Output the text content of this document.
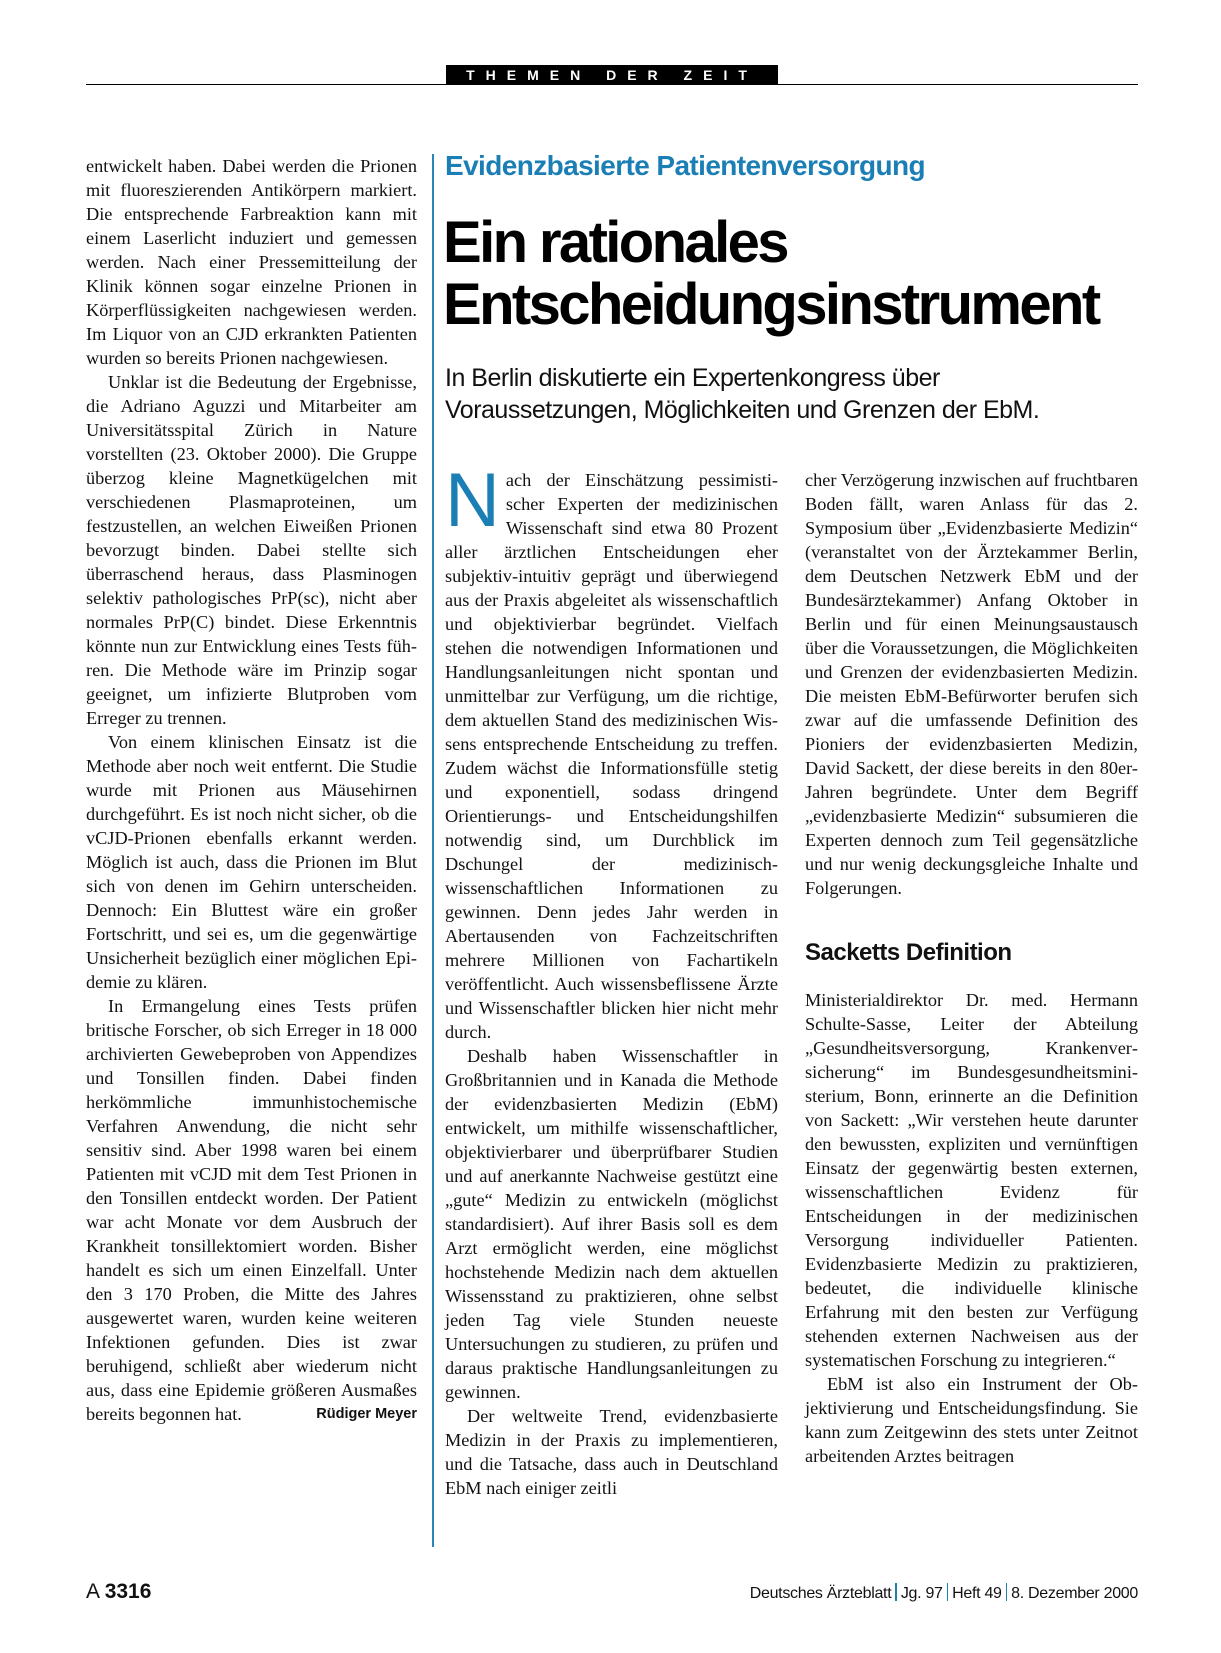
THEMEN DER ZEIT

entwickelt haben. Dabei werden die Prionen mit fluoreszierenden Antikörpern markiert. Die entsprechende Farbreaktion kann mit einem Laserlicht induziert und gemessen werden. Nach einer Pressemitteilung der Klinik können sogar einzelne Prionen in Körperflüssigkeiten nachgewiesen werden. Im Liquor von an CJD erkrankten Patienten wurden so bereits Prionen nachgewiesen.

Unklar ist die Bedeutung der Ergebnisse, die Adriano Aguzzi und Mitarbeiter am Universitätsspital Zürich in Nature vorstellten (23. Oktober 2000). Die Gruppe überzog kleine Magnetkügelchen mit verschiedenen Plasmaproteinen, um festzustellen, an welchen Eiweißen Prionen bevorzugt binden. Dabei stellte sich überraschend heraus, dass Plasminogen selektiv pathologisches PrP(sc), nicht aber normales PrP(C) bindet. Diese Erkenntnis könnte nun zur Entwicklung eines Tests führen. Die Methode wäre im Prinzip sogar geeignet, um infizierte Blutproben vom Erreger zu trennen.

Von einem klinischen Einsatz ist die Methode aber noch weit entfernt. Die Studie wurde mit Prionen aus Mäusehirnen durchgeführt. Es ist noch nicht sicher, ob die vCJD-Prionen ebenfalls erkannt werden. Möglich ist auch, dass die Prionen im Blut sich von denen im Gehirn unterscheiden. Dennoch: Ein Bluttest wäre ein großer Fortschritt, und sei es, um die gegenwärtige Unsicherheit bezüglich einer möglichen Epidemie zu klären.

In Ermangelung eines Tests prüfen britische Forscher, ob sich Erreger in 18 000 archivierten Gewebeproben von Appendizes und Tonsillen finden. Dabei finden herkömmliche immunhistochemische Verfahren Anwendung, die nicht sehr sensitiv sind. Aber 1998 waren bei einem Patienten mit vCJD mit dem Test Prionen in den Tonsillen entdeckt worden. Der Patient war acht Monate vor dem Ausbruch der Krankheit tonsillektomiert worden. Bisher handelt es sich um einen Einzelfall. Unter den 3 170 Proben, die Mitte des Jahres ausgewertet waren, wurden keine weiteren Infektionen gefunden. Dies ist zwar beruhigend, schließt aber wiederum nicht aus, dass eine Epidemie größeren Ausmaßes bereits begonnen hat.	Rüdiger Meyer

Evidenzbasierte Patientenversorgung
Ein rationales
Entscheidungsinstrument
In Berlin diskutierte ein Expertenkongress über
Voraussetzungen, Möglichkeiten und Grenzen der EbM.

Nach der Einschätzung pessimistischer Experten der medizinischen Wissenschaft sind etwa 80 Prozent aller ärztlichen Entscheidungen eher subjektiv-intuitiv geprägt und überwiegend aus der Praxis abgeleitet als wissenschaftlich und objektivierbar begründet. Vielfach stehen die notwendigen Informationen und Handlungsanleitungen nicht spontan und unmittelbar zur Verfügung, um die richtige, dem aktuellen Stand des medizinischen Wissens entsprechende Entscheidung zu treffen. Zudem wächst die Informationsfülle stetig und exponentiell, sodass dringend Orientierungs- und Entscheidungshilfen notwendig sind, um Durchblick im Dschungel der medizinisch-wissenschaftlichen Informationen zu gewinnen. Denn jedes Jahr werden in Abertausenden von Fachzeitschriften mehrere Millionen von Fachartikeln veröffentlicht. Auch wissensbeflissene Ärzte und Wissenschaftler blicken hier nicht mehr durch.

Deshalb haben Wissenschaftler in Großbritannien und in Kanada die Methode der evidenzbasierten Medizin (EbM) entwickelt, um mithilfe wissenschaftlicher, objektivierbarer und überprüfbarer Studien und auf anerkannte Nachweise gestützt eine „gute“ Medizin zu entwickeln (möglichst standardisiert). Auf ihrer Basis soll es dem Arzt ermöglicht werden, eine möglichst hochstehende Medizin nach dem aktuellen Wissensstand zu praktizieren, ohne selbst jeden Tag viele Stunden neueste Untersuchungen zu studieren, zu prüfen und daraus praktische Handlungsanleitungen zu gewinnen.

Der weltweite Trend, evidenzbasierte Medizin in der Praxis zu implementieren, und die Tatsache, dass auch in Deutschland EbM nach einiger zeitli

cher Verzögerung inzwischen auf fruchtbaren Boden fällt, waren Anlass für das 2. Symposium über „Evidenzbasierte Medizin“ (veranstaltet von der Ärztekammer Berlin, dem Deutschen Netzwerk EbM und der Bundesärztekammer) Anfang Oktober in Berlin und für einen Meinungsaustausch über die Voraussetzungen, die Möglichkeiten und Grenzen der evidenzbasierten Medizin. Die meisten EbM-Befürworter berufen sich zwar auf die umfassende Definition des Pioniers der evidenzbasierten Medizin, David Sackett, der diese bereits in den 80er-Jahren begründete. Unter dem Begriff „evidenzbasierte Medizin“ subsumieren die Experten dennoch zum Teil gegensätzliche und nur wenig deckungsgleiche Inhalte und Folgerungen.

Sacketts Definition

Ministerialdirektor Dr. med. Hermann Schulte-Sasse, Leiter der Abteilung „Gesundheitsversorgung, Krankenversicherung“ im Bundesgesundheitsministerium, Bonn, erinnerte an die Definition von Sackett: „Wir verstehen heute darunter den bewussten, expliziten und vernünftigen Einsatz der gegenwärtig besten externen, wissenschaftlichen Evidenz für Entscheidungen in der medizinischen Versorgung individueller Patienten. Evidenzbasierte Medizin zu praktizieren, bedeutet, die individuelle klinische Erfahrung mit den besten zur Verfügung stehenden externen Nachweisen aus der systematischen Forschung zu integrieren.“

EbM ist also ein Instrument der Objektivierung und Entscheidungsfindung. Sie kann zum Zeitgewinn des stets unter Zeitnot arbeitenden Arztes beitragen

A 3316	Deutsches Ärzteblatt Jg. 97 Heft 49 8. Dezember 2000
